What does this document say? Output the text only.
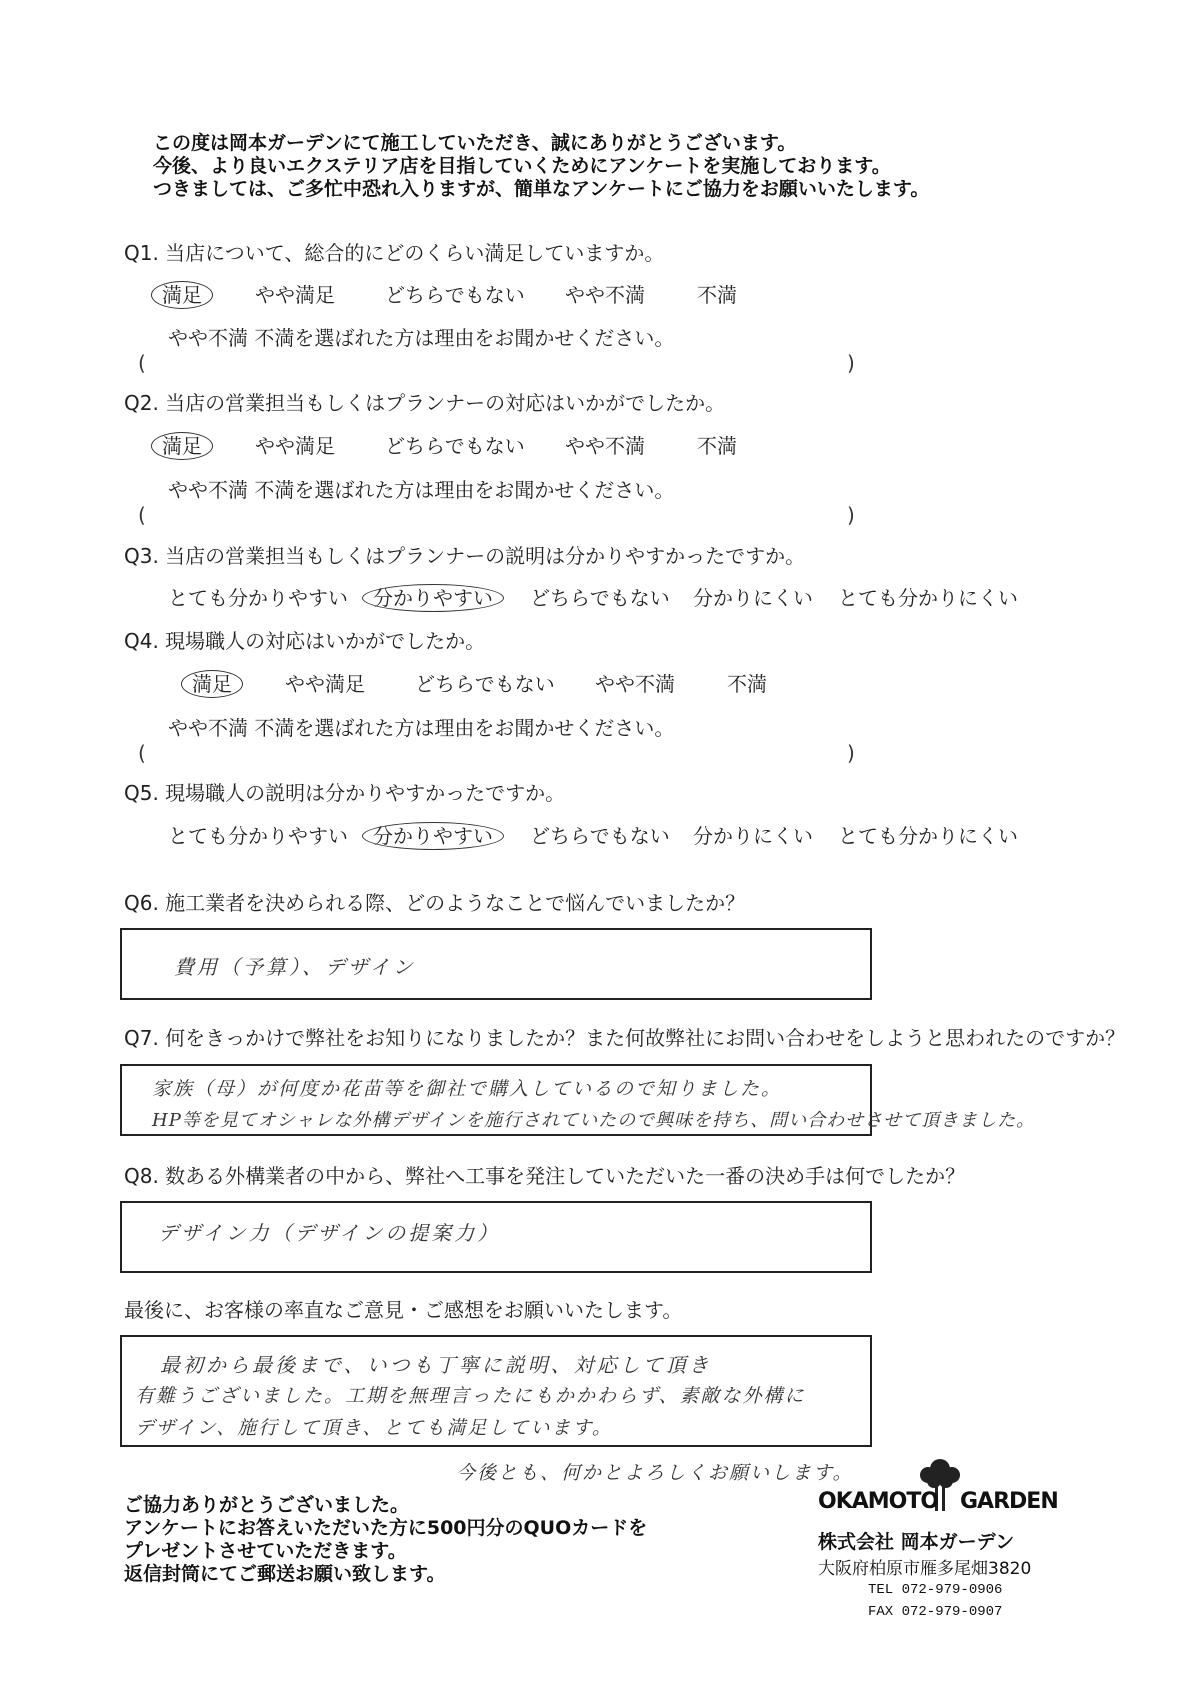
この度は岡本ガーデンにて施工していただき、誠にありがとうございます。
今後、より良いエクステリア店を目指していくためにアンケートを実施しております。
つきましては、ご多忙中恐れ入りますが、簡単なアンケートにご協力をお願いいたします。
Q1. 当店について、総合的にどのくらい満足していますか。
満足	やや満足	どちらでもない やや不満	不満
やや不満 不満を選ばれた方は理由をお聞かせください。
(	)
Q2. 当店の営業担当もしくはプランナーの対応はいかがでしたか。
満足	やや満足	どちらでもない やや不満	不満
やや不満 不満を選ばれた方は理由をお聞かせください。
(	)
Q3. 当店の営業担当もしくはプランナーの説明は分かりやすかったですか。
とても分かりやすい 分かりやすい	どちらでもない 分かりにくい とても分かりにくい
Q4. 現場職人の対応はいかがでしたか。
満足	やや満足	どちらでもない やや不満	不満
やや不満 不満を選ばれた方は理由をお聞かせください。
(	)
Q5. 現場職人の説明は分かりやすかったですか。
とても分かりやすい 分かりやすい	どちらでもない 分かりにくい とても分かりにくい
Q6. 施工業者を決められる際、どのようなことで悩んでいましたか？
費用（予算）、デザイン
Q7. 何をきっかけで弊社をお知りになりましたか？また何故弊社にお問い合わせをしようと思われたのですか？
家族（母）が何度か花苗等を御社で購入しているので知りました。
HP等を見てオシャレな外構デザインを施行されていたので興味を持ち、問い合わせさせて頂きました。
Q8. 数ある外構業者の中から、弊社へ工事を発注していただいた一番の決め手は何でしたか？
デザイン力（デザインの提案力）
最後に、お客様の率直なご意見・ご感想をお願いいたします。
最初から最後まで、いつも丁寧に説明、対応して頂き
有難うございました。工期を無理言ったにもかかわらず、素敵な外構に
デザイン、施行して頂き、とても満足しています。
今後とも、何かとよろしくお願いします。
ご協力ありがとうございました。
アンケートにお答えいただいた方に500円分のQUOカードを
プレゼントさせていただきます。
返信封筒にてご郵送お願い致します。
OKAMOTO GARDEN
株式会社 岡本ガーデン
大阪府柏原市雁多尾畑3820
TEL 072-979-0906
FAX 072-979-0907
